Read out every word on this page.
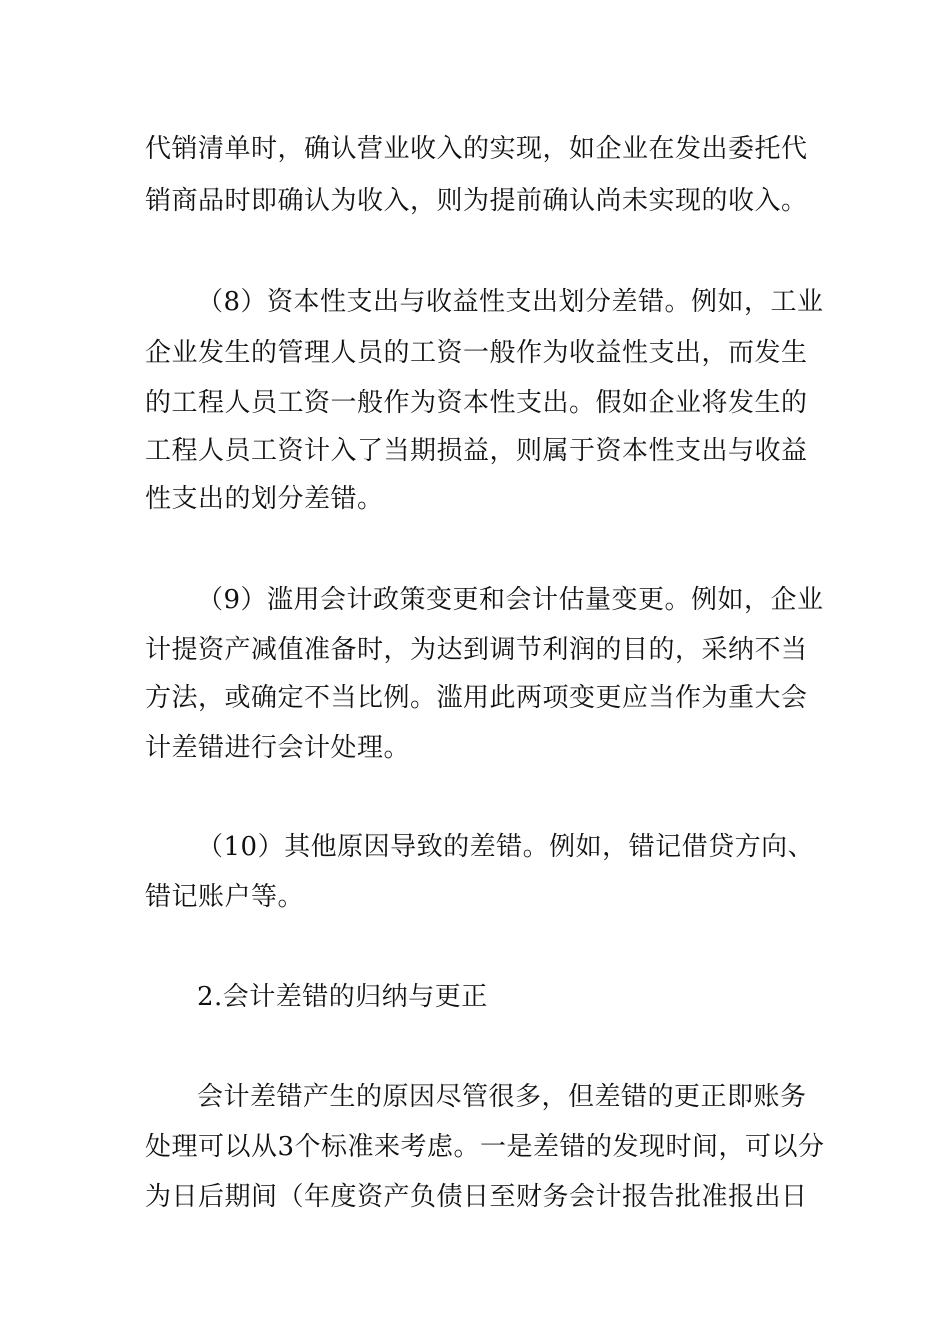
代销清单时，确认营业收入的实现，如企业在发出委托代
销商品时即确认为收入，则为提前确认尚未实现的收入。
（8）资本性支出与收益性支出划分差错。例如，工业
企业发生的管理人员的工资一般作为收益性支出，而发生
的工程人员工资一般作为资本性支出。假如企业将发生的
工程人员工资计入了当期损益，则属于资本性支出与收益
性支出的划分差错。
（9）滥用会计政策变更和会计估量变更。例如，企业
计提资产减值准备时，为达到调节利润的目的，采纳不当
方法，或确定不当比例。滥用此两项变更应当作为重大会
计差错进行会计处理。
（10）其他原因导致的差错。例如，错记借贷方向、
错记账户等。
2.会计差错的归纳与更正
会计差错产生的原因尽管很多，但差错的更正即账务
处理可以从3个标准来考虑。一是差错的发现时间，可以分
为日后期间（年度资产负债日至财务会计报告批准报出日
